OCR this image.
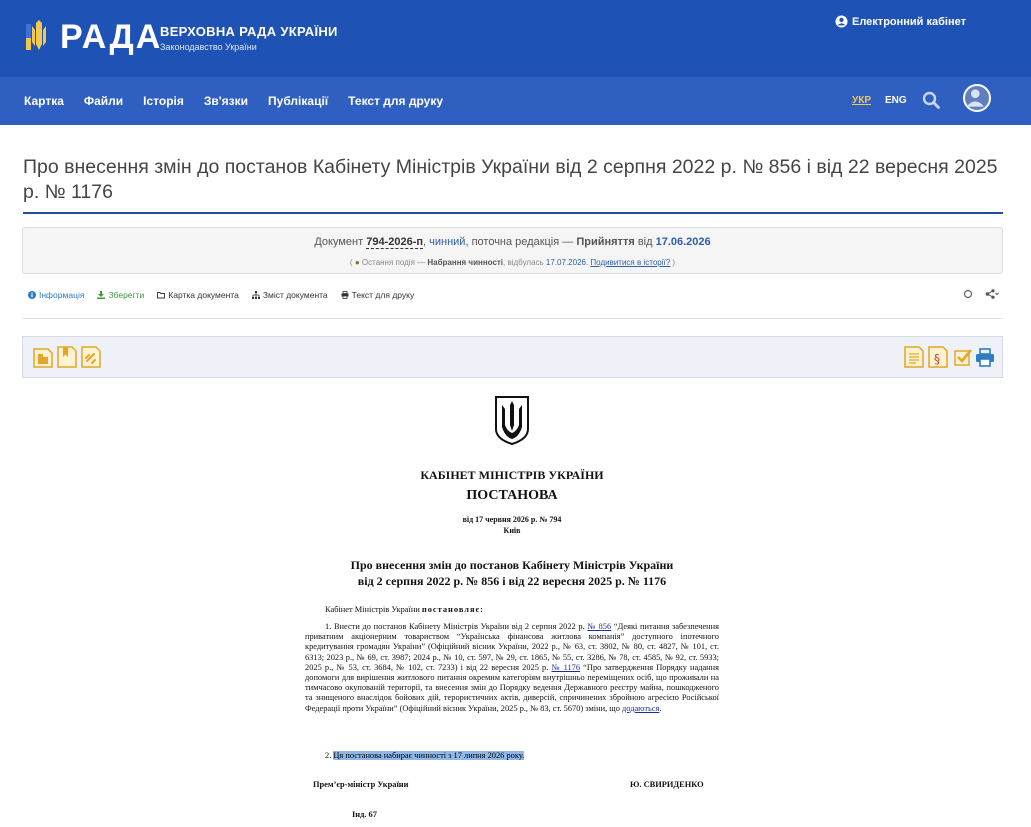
РАДА
ВЕРХОВНА РАДА УКРАЇНИ
Законодавство України
Електронний кабінет
Картка Файли Історія Зв'язки Публікації Текст для друку	УКР ENG
Про внесення змін до постанов Кабінету Міністрів України від 2 серпня 2022 р. № 856 і від 22 вересня 2025 р. № 1176
Документ 794-2026-п, чинний, поточна редакція — Прийняття від 17.06.2026
( ● Остання подія — Набрання чинності, відбулась 17.07.2026. Подивитися в історії? )
Інформація	Зберегти	Картка документа	Зміст документа	Текст для друку
§
КАБІНЕТ МІНІСТРІВ УКРАЇНИ
ПОСТАНОВА
від 17 червня 2026 р. № 794
Київ
Про внесення змін до постанов Кабінету Міністрів України
від 2 серпня 2022 р. № 856 і від 22 вересня 2025 р. № 1176
Кабінет Міністрів України постановляє:
1. Внести до постанов Кабінету Міністрів України від 2 серпня 2022 р. № 856 “Деякі питання забезпечення приватним акціонерним товариством “Українська фінансова житлова компанія” доступного іпотечного кредитування громадян України” (Офіційний вісник України, 2022 р., № 63, ст. 3802, № 80, ст. 4827, № 101, ст. 6313; 2023 р., № 69, ст. 3987; 2024 р., № 10, ст. 597, № 29, ст. 1865, № 55, ст. 3286, № 78, ст. 4585, № 92, ст. 5933; 2025 р., № 53, ст. 3684, № 102, ст. 7233) і від 22 вересня 2025 р. № 1176 “Про затвердження Порядку надання допомоги для вирішення житлового питання окремим категоріям внутрішньо переміщених осіб, що проживали на тимчасово окупованій території, та внесення змін до Порядку ведення Державного реєстру майна, пошкодженого та знищеного внаслідок бойових дій, терористичних актів, диверсій, спричинених збройною агресією Російської Федерації проти України” (Офіційний вісник України, 2025 р., № 83, ст. 5670) зміни, що додаються.
2. Ця постанова набирає чинності з 17 липня 2026 року.
Прем’єр-міністр України	Ю. СВИРИДЕНКО
Інд. 67
